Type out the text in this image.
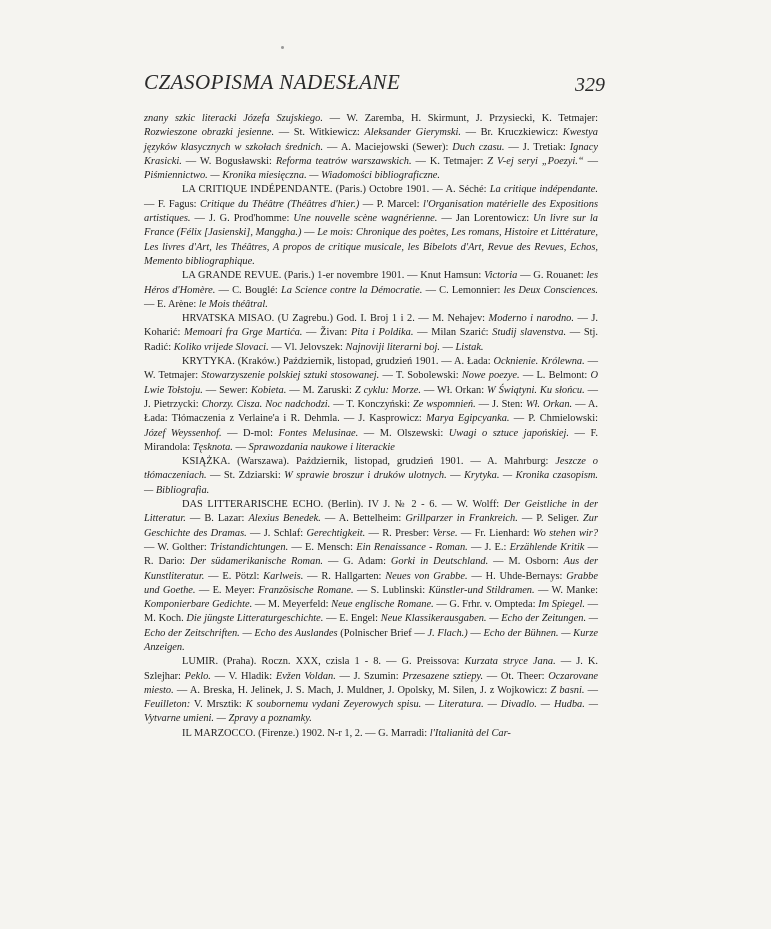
CZASOPISMA NADESŁANE	329

znany szkic literacki Józefa Szujskiego. — W. Zaremba, H. Skirmunt, J. Przysiecki, K. Tetmajer: Rozwieszone obrazki jesienne. — St. Witkiewicz: Aleksander Gierymski. — Br. Kruczkiewicz: Kwestya języków klasycznych w szkołach średnich. — A. Maciejowski (Sewer): Duch czasu. — J. Tretiak: Ignacy Krasicki. — W. Bogusławski: Reforma teatrów warszawskich. — K. Tetmajer: Z V-ej seryi „Poezyi.“ — Piśmiennictwo. — Kronika miesięczna. — Wiadomości bibliograficzne.

LA CRITIQUE INDÉPENDANTE. (Paris.) Octobre 1901. — A. Séché: La critique indépendante. — F. Fagus: Critique du Théâtre (Théâtres d'hier.) — P. Marcel: l'Organisation matérielle des Expositions artistiques. — J. G. Prod'homme: Une nouvelle scène wagnérienne. — Jan Lorentowicz: Un livre sur la France (Félix [Jasienski], Manggha.) — Le mois: Chronique des poètes, Les romans, Histoire et Littérature, Les livres d'Art, les Théâtres, A propos de critique musicale, les Bibelots d'Art, Revue des Revues, Echos, Memento bibliographique.

LA GRANDE REVUE. (Paris.) 1-er novembre 1901. — Knut Hamsun: Victoria — G. Rouanet: les Héros d'Homère. — C. Bouglé: La Science contre la Démocratie. — C. Lemonnier: les Deux Consciences. — E. Arène: le Mois théâtral.

HRVATSKA MISAO. (U Zagrebu.) God. I. Broj 1 i 2. — M. Nehajev: Moderno i narodno. — J. Koharić: Memoari fra Grge Martića. — Živan: Pita i Poldika. — Milan Szarić: Studij slavenstva. — Stj. Radić: Koliko vrijede Slovaci. — Vl. Jelovszek: Najnoviji literarni boj. — Listak.

KRYTYKA. (Kraków.) Październik, listopad, grudzień 1901. — A. Łada: Ocknienie. Królewna. — W. Tetmajer: Stowarzyszenie polskiej sztuki stosowanej. — T. Sobolewski: Nowe poezye. — L. Belmont: O Lwie Tołstoju. — Sewer: Kobieta. — M. Zaruski: Z cyklu: Morze. — Wł. Orkan: W Świątyni. Ku słońcu. — J. Pietrzycki: Chorzy. Cisza. Noc nadchodzi. — T. Konczyński: Ze wspomnień. — J. Sten: Wł. Orkan. — A. Łada: Tłómaczenia z Verlaine'a i R. Dehmla. — J. Kasprowicz: Marya Egipcyanka. — P. Chmielowski: Józef Weyssenhof. — D-mol: Fontes Melusinae. — M. Olszewski: Uwagi o sztuce japońskiej. — F. Mirandola: Tęsknota. — Sprawozdania naukowe i literackie

KSIĄŻKA. (Warszawa). Październik, listopad, grudzień 1901. — A. Mahrburg: Jeszcze o tłómaczeniach. — St. Zdziarski: W sprawie broszur i druków ulotnych. — Krytyka. — Kronika czasopism. — Bibliografia.

DAS LITTERARISCHE ECHO. (Berlin). IV J. № 2 - 6. — W. Wolff: Der Geistliche in der Litteratur. — B. Lazar: Alexius Benedek. — A. Bettelheim: Grillparzer in Frankreich. — P. Seliger. Zur Geschichte des Dramas. — J. Schlaf: Gerechtigkeit. — R. Presber: Verse. — Fr. Lienhard: Wo stehen wir? — W. Golther: Tristandichtungen. — E. Mensch: Ein Renaissance - Roman. — J. E.: Erzählende Kritik — R. Dario: Der südamerikanische Roman. — G. Adam: Gorki in Deutschland. — M. Osborn: Aus der Kunstliteratur. — E. Pötzl: Karlweis. — R. Hallgarten: Neues von Grabbe. — H. Uhde-Bernays: Grabbe und Goethe. — E. Meyer: Französische Romane. — S. Lublinski: Künstler-und Stildramen. — W. Manke: Komponierbare Gedichte. — M. Meyerfeld: Neue englische Romane. — G. Frhr. v. Ompteda: Im Spiegel. — M. Koch. Die jüngste Litteraturgeschichte. — E. Engel: Neue Klassikerausgaben. — Echo der Zeitungen. — Echo der Zeitschriften. — Echo des Auslandes (Polnischer Brief — J. Flach.) — Echo der Bühnen. — Kurze Anzeigen.

LUMIR. (Praha). Roczn. XXX, czisla 1 - 8. — G. Preissova: Kurzata stryce Jana. — J. K. Szlejhar: Peklo. — V. Hladik: Evžen Voldan. — J. Szumin: Przesazene sztiepy. — Ot. Theer: Oczarovane miesto. — A. Breska, H. Jelinek, J. S. Mach, J. Muldner, J. Opolsky, M. Silen, J. z Wojkowicz: Z basni. — Feuilleton: V. Mrsztik: K soubornemu vydani Zeyerowych spisu. — Literatura. — Divadlo. — Hudba. — Vytvarne umieni. — Zpravy a poznamky.

IL MARZOCCO. (Firenze.) 1902. N-r 1, 2. — G. Marradi: l'Italianità del Car-
